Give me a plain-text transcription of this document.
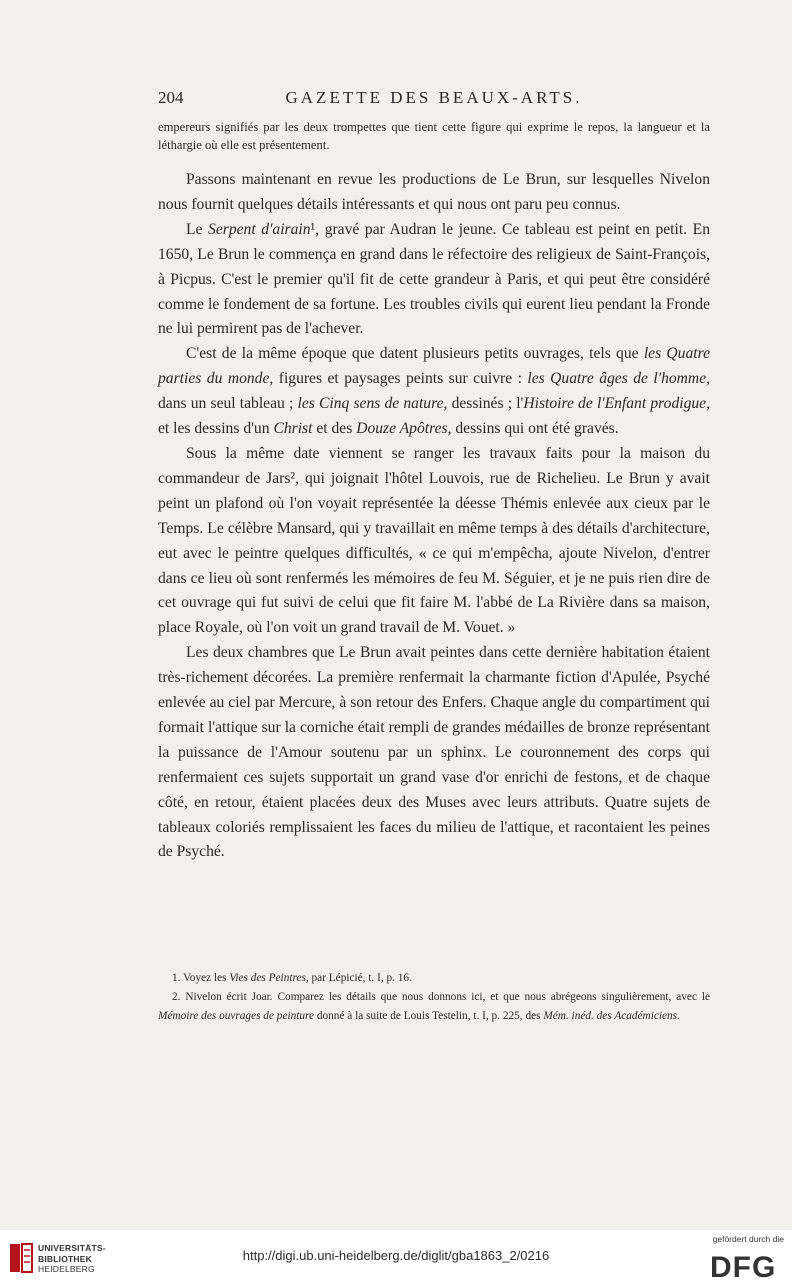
204	GAZETTE DES BEAUX-ARTS.
empereurs signifiés par les deux trompettes que tient cette figure qui exprime le repos, la langueur et la léthargie où elle est présentement.

Passons maintenant en revue les productions de Le Brun, sur lesquelles Nivelon nous fournit quelques détails intéressants et qui nous ont paru peu connus.

Le Serpent d'airain¹, gravé par Audran le jeune. Ce tableau est peint en petit. En 1650, Le Brun le commença en grand dans le réfectoire des religieux de Saint-François, à Picpus. C'est le premier qu'il fit de cette grandeur à Paris, et qui peut être considéré comme le fondement de sa fortune. Les troubles civils qui eurent lieu pendant la Fronde ne lui permirent pas de l'achever.

C'est de la même époque que datent plusieurs petits ouvrages, tels que les Quatre parties du monde, figures et paysages peints sur cuivre : les Quatre âges de l'homme, dans un seul tableau ; les Cinq sens de nature, dessinés ; l'Histoire de l'Enfant prodigue, et les dessins d'un Christ et des Douze Apôtres, dessins qui ont été gravés.

Sous la même date viennent se ranger les travaux faits pour la maison du commandeur de Jars², qui joignait l'hôtel Louvois, rue de Richelieu. Le Brun y avait peint un plafond où l'on voyait représentée la déesse Thémis enlevée aux cieux par le Temps. Le célèbre Mansard, qui y travaillait en même temps à des détails d'architecture, eut avec le peintre quelques difficultés, « ce qui m'empêcha, ajoute Nivelon, d'entrer dans ce lieu où sont renfermés les mémoires de feu M. Séguier, et je ne puis rien dire de cet ouvrage qui fut suivi de celui que fit faire M. l'abbé de La Rivière dans sa maison, place Royale, où l'on voit un grand travail de M. Vouet. »

Les deux chambres que Le Brun avait peintes dans cette dernière habitation étaient très-richement décorées. La première renfermait la charmante fiction d'Apulée, Psyché enlevée au ciel par Mercure, à son retour des Enfers. Chaque angle du compartiment qui formait l'attique sur la corniche était rempli de grandes médailles de bronze représentant la puissance de l'Amour soutenu par un sphinx. Le couronnement des corps qui renfermaient ces sujets supportait un grand vase d'or enrichi de festons, et de chaque côté, en retour, étaient placées deux des Muses avec leurs attributs. Quatre sujets de tableaux coloriés remplissaient les faces du milieu de l'attique, et racontaient les peines de Psyché.

1. Voyez les Vies des Peintres, par Lépicié, t. I, p. 16.

2. Nivelon écrit Joar. Comparez les détails que nous donnons ici, et que nous abrégeons singulièrement, avec le Mémoire des ouvrages de peinture donné à la suite de Louis Testelin, t. I, p. 225, des Mém. inéd. des Académiciens.

UNIVERSITÄTS-
BIBLIOTHEK
HEIDELBERG
http://digi.ub.uni-heidelberg.de/diglit/gba1863_2/0216
gefördert durch die
DFG
